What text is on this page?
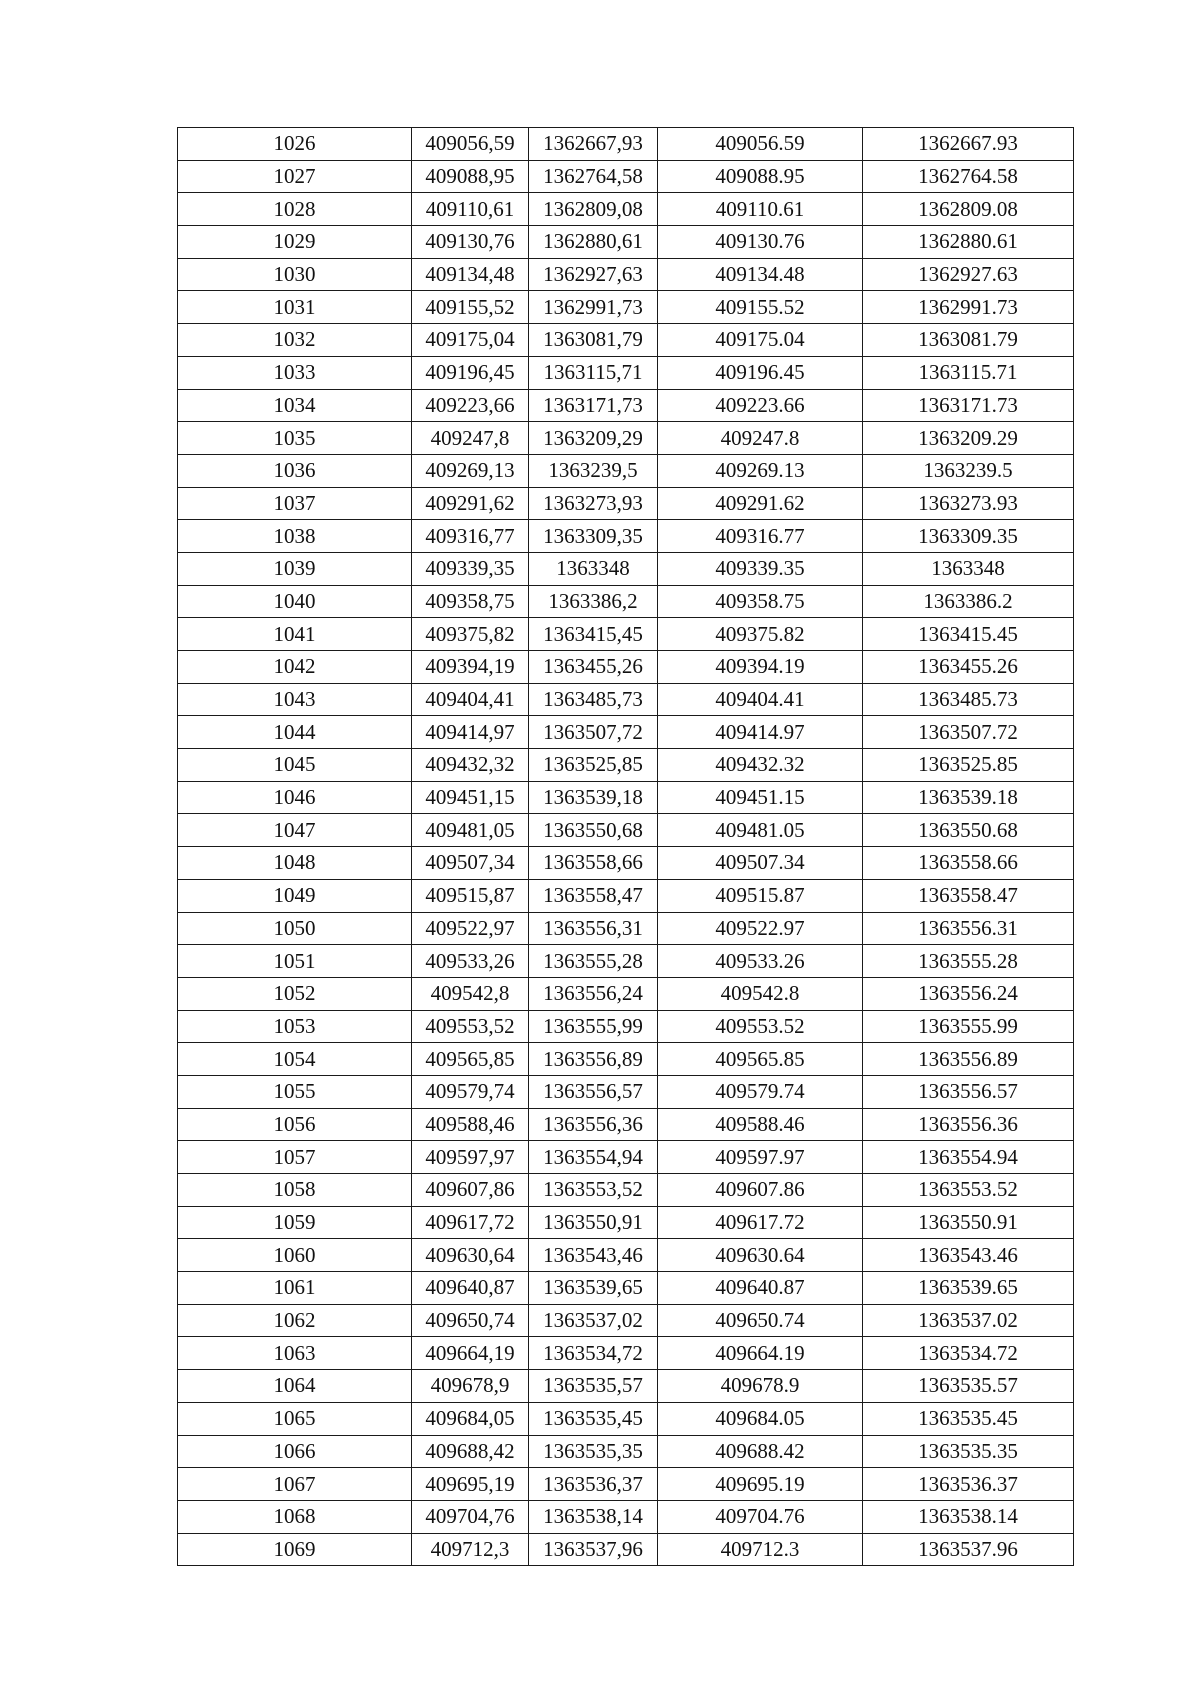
1026	409056,59	1362667,93	409056.59	1362667.93
1027	409088,95	1362764,58	409088.95	1362764.58
1028	409110,61	1362809,08	409110.61	1362809.08
1029	409130,76	1362880,61	409130.76	1362880.61
1030	409134,48	1362927,63	409134.48	1362927.63
1031	409155,52	1362991,73	409155.52	1362991.73
1032	409175,04	1363081,79	409175.04	1363081.79
1033	409196,45	1363115,71	409196.45	1363115.71
1034	409223,66	1363171,73	409223.66	1363171.73
1035	409247,8	1363209,29	409247.8	1363209.29
1036	409269,13	1363239,5	409269.13	1363239.5
1037	409291,62	1363273,93	409291.62	1363273.93
1038	409316,77	1363309,35	409316.77	1363309.35
1039	409339,35	1363348	409339.35	1363348
1040	409358,75	1363386,2	409358.75	1363386.2
1041	409375,82	1363415,45	409375.82	1363415.45
1042	409394,19	1363455,26	409394.19	1363455.26
1043	409404,41	1363485,73	409404.41	1363485.73
1044	409414,97	1363507,72	409414.97	1363507.72
1045	409432,32	1363525,85	409432.32	1363525.85
1046	409451,15	1363539,18	409451.15	1363539.18
1047	409481,05	1363550,68	409481.05	1363550.68
1048	409507,34	1363558,66	409507.34	1363558.66
1049	409515,87	1363558,47	409515.87	1363558.47
1050	409522,97	1363556,31	409522.97	1363556.31
1051	409533,26	1363555,28	409533.26	1363555.28
1052	409542,8	1363556,24	409542.8	1363556.24
1053	409553,52	1363555,99	409553.52	1363555.99
1054	409565,85	1363556,89	409565.85	1363556.89
1055	409579,74	1363556,57	409579.74	1363556.57
1056	409588,46	1363556,36	409588.46	1363556.36
1057	409597,97	1363554,94	409597.97	1363554.94
1058	409607,86	1363553,52	409607.86	1363553.52
1059	409617,72	1363550,91	409617.72	1363550.91
1060	409630,64	1363543,46	409630.64	1363543.46
1061	409640,87	1363539,65	409640.87	1363539.65
1062	409650,74	1363537,02	409650.74	1363537.02
1063	409664,19	1363534,72	409664.19	1363534.72
1064	409678,9	1363535,57	409678.9	1363535.57
1065	409684,05	1363535,45	409684.05	1363535.45
1066	409688,42	1363535,35	409688.42	1363535.35
1067	409695,19	1363536,37	409695.19	1363536.37
1068	409704,76	1363538,14	409704.76	1363538.14
1069	409712,3	1363537,96	409712.3	1363537.96
